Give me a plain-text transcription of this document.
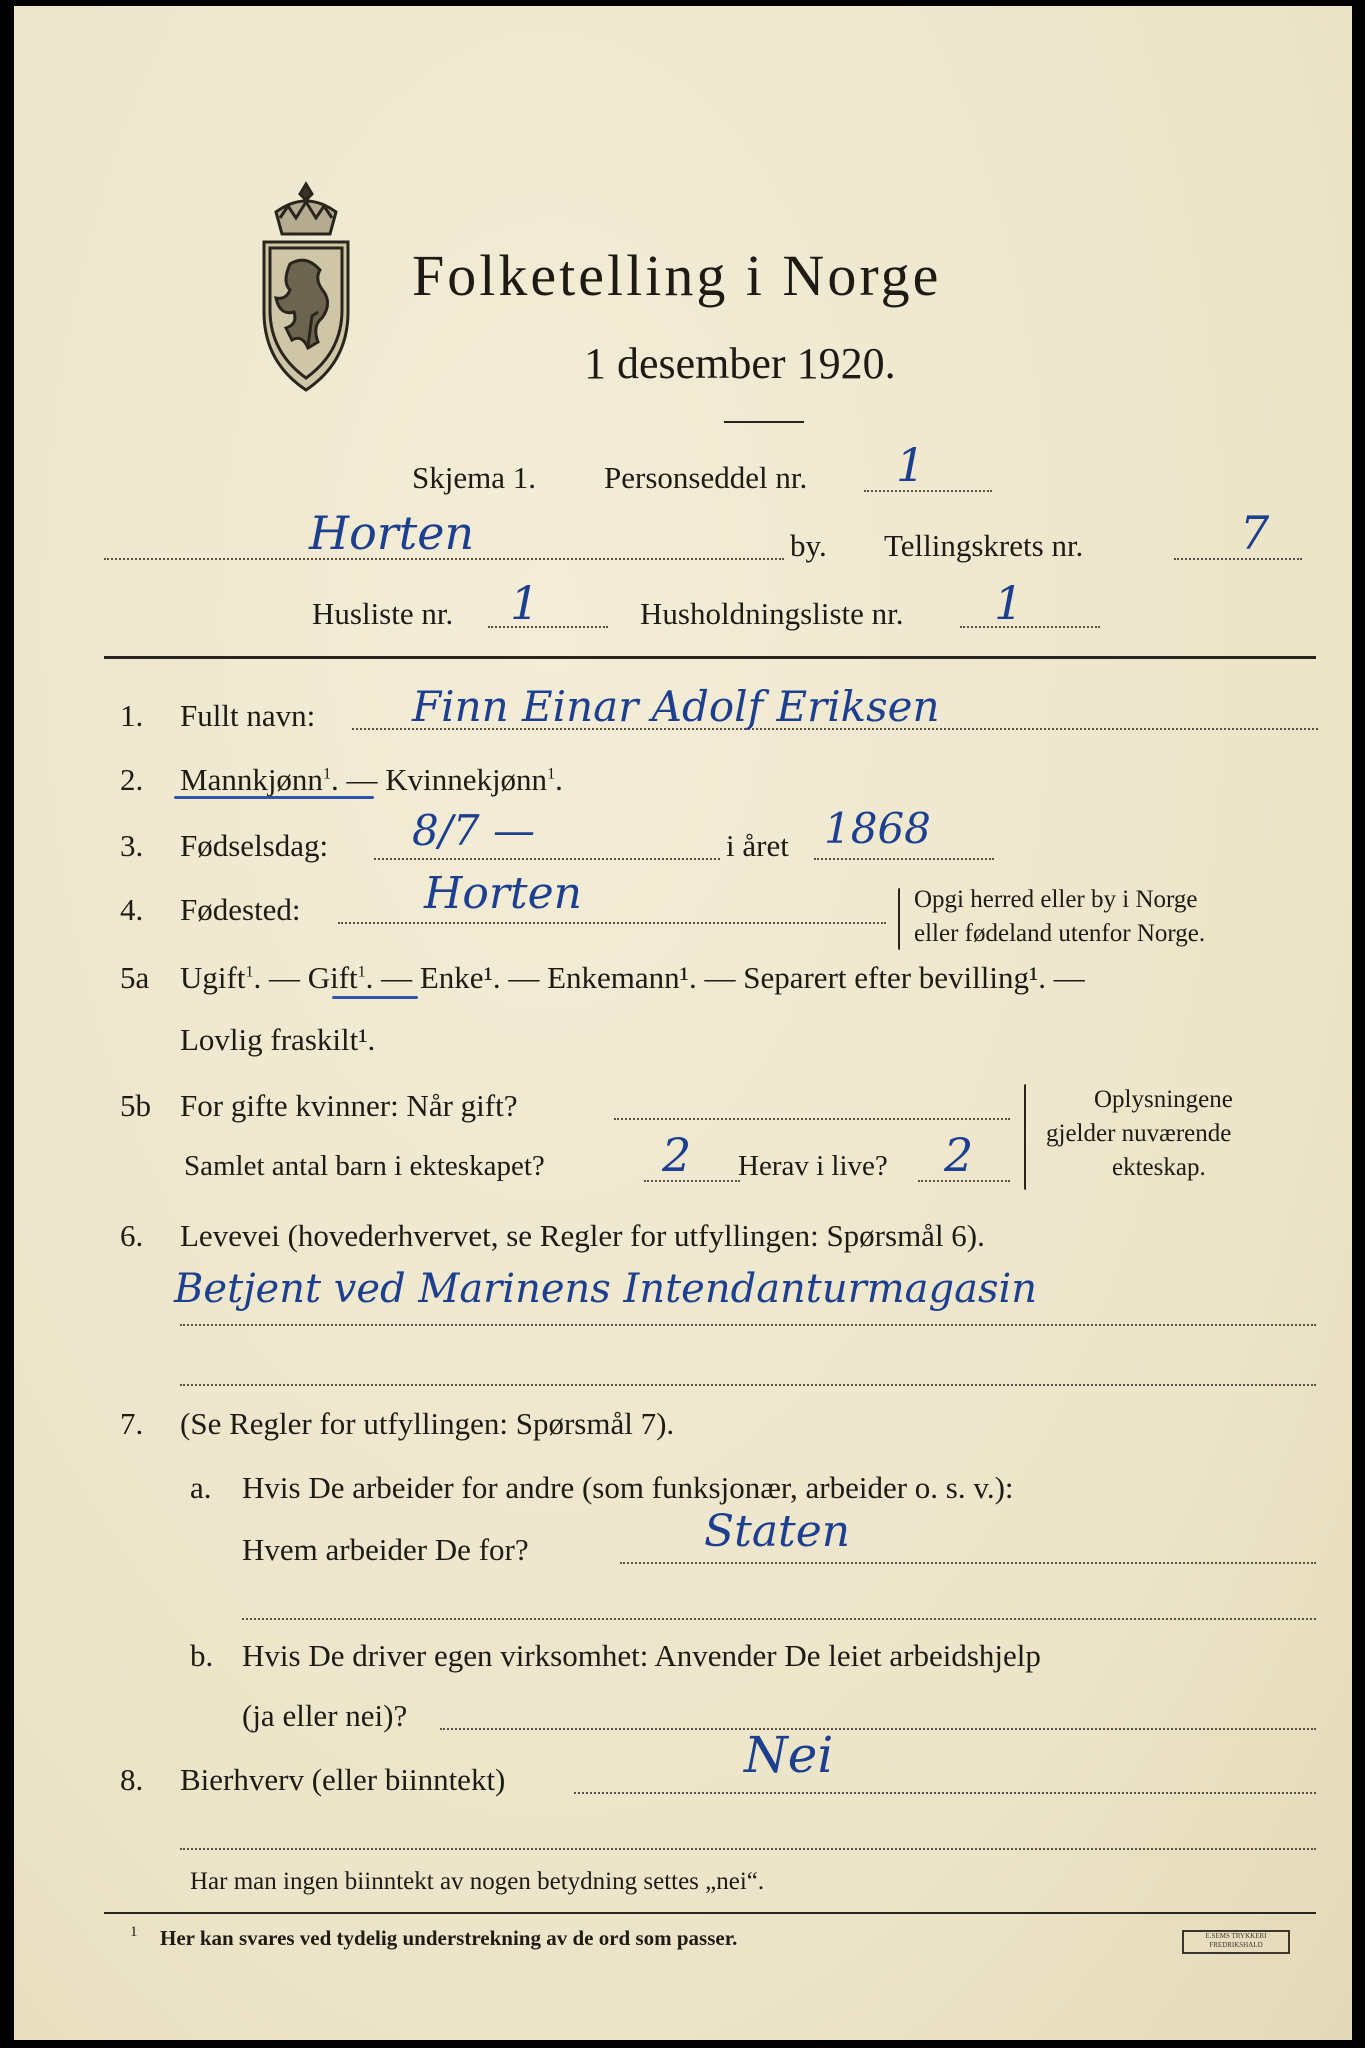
Folketelling i Norge
1 desember 1920.
Skjema 1. Personseddel nr. 1
Horten	by. Tellingskrets nr.	7
Husliste nr. 1	Husholdningsliste nr. 1
1. Fullt navn: Finn Einar Adolf Eriksen
2. Mannkjønn$^1$. — Kvinnekjønn$^1$.
3. Fødselsdag: 8/7 —	i året 1868
4. Fødested:	Horten	Opgi herred eller by i Norge
eller fødeland utenfor Norge.
5a Ugift$^1$. — Gift$^1$. — Enke¹. — Enkemann¹. — Separert efter bevilling¹. —
Lovlig fraskilt¹.
5b For gifte kvinner: Når gift?
Samlet antal barn i ekteskapet?	2 Herav i live? 2
Oplysningene
gjelder nuværende
ekteskap.
6. Levevei (hovederhvervet, se Regler for utfyllingen: Spørsmål 6).
Betjent ved Marinens Intendanturmagasin
7. (Se Regler for utfyllingen: Spørsmål 7).
a. Hvis De arbeider for andre (som funksjonær, arbeider o. s. v.):
Hvem arbeider De for?	Staten
b. Hvis De driver egen virksomhet: Anvender De leiet arbeidshjelp
(ja eller nei)?
8. Bierhverv (eller biinntekt)	Nei
Har man ingen biinntekt av nogen betydning settes „nei“.
1 Her kan svares ved tydelig understrekning av de ord som passer.	E.SEMS TRYKKERI FREDRIKSHALD
